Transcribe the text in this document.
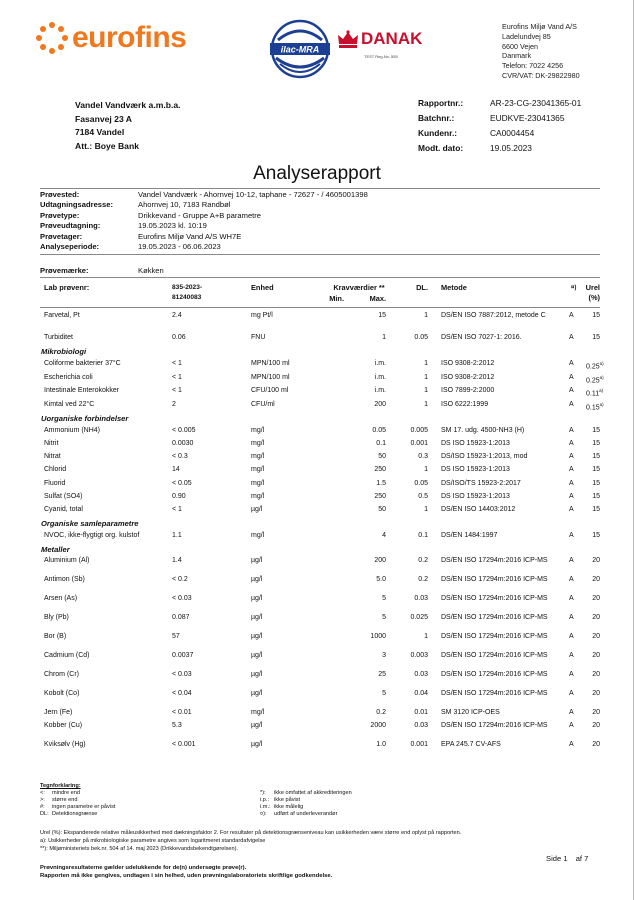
eurofins	ilac-MRA
DANAK
TEST Reg.No. 555
Eurofins Miljø Vand A/S
Ladelundvej 85
6600 Vejen
Danmark
Telefon: 7022 4256
CVR/VAT: DK-29822980
Vandel Vandværk a.m.b.a.
Fasanvej 23 A
7184 Vandel
Att.: Boye Bank
Rapportnr.:	AR-23-CG-23041365-01
Batchnr.:	EUDKVE-23041365
Kundenr.:	CA0004454
Modt. dato:	19.05.2023
Analyserapport
Prøvested:	Vandel Vandværk - Ahornvej 10-12, taphane - 72627 - / 4605001398
Udtagningsadresse:	Ahornvej 10, 7183 Randbøl
Prøvetype:	Drikkevand - Gruppe A+B parametre
Prøveudtagning:	19.05.2023 kl. 10:19
Prøvetager:	Eurofins Miljø Vand A/S WH7E
Analyseperiode:	19.05.2023 - 06.06.2023
Prøvemærke:	Køkken
Lab prøvenr:	835-2023-
81240083
Enhed	Kravværdier **
Min.	Max.
DL. Metode	¤)	Urel
(%)
Farvetal, Pt	2.4	mg Pt/l	15	1 DS/EN ISO 7887:2012, metode C	A	15
Turbiditet	0.06	FNU	1	0.05 DS/EN ISO 7027-1: 2016.	A	15
Mikrobiologi
Coliforme bakterier 37°C	< 1	MPN/100 ml	i.m.	1 ISO 9308-2:2012	A 0.25$^{a)}$
Escherichia coli	< 1	MPN/100 ml	i.m.	1 ISO 9308-2:2012	A 0.25$^{a)}$
Intestinale Enterokokker	< 1	CFU/100 ml	i.m.	1 ISO 7899-2:2000	A 0.11$^{a)}$
Kimtal ved 22°C	2	CFU/ml	200	1 ISO 6222:1999	A 0.15$^{a)}$
Uorganiske forbindelser
Ammonium (NH4)	< 0.005	mg/l	0.05	0.005 SM 17. udg. 4500-NH3 (H)	A	15
Nitrit	0.0030	mg/l	0.1	0.001 DS ISO 15923-1:2013	A	15
Nitrat	< 0.3	mg/l	50	0.3 DS/ISO 15923-1:2013, mod	A	15
Chlorid	14	mg/l	250	1 DS ISO 15923-1:2013	A	15
Fluorid	< 0.05	mg/l	1.5	0.05 DS/ISO/TS 15923-2:2017	A	15
Sulfat (SO4)	0.90	mg/l	250	0.5 DS ISO 15923-1:2013	A	15
Cyanid, total	< 1	µg/l	50	1 DS/EN ISO 14403:2012	A	15
Organiske samleparametre
NVOC, ikke-flygtigt org. kulstof	1.1	mg/l	4	0.1 DS/EN 1484:1997	A	15
Metaller
Aluminium (Al)	1.4	µg/l	200	0.2 DS/EN ISO 17294m:2016 ICP-MS	A	20
Antimon (Sb)	< 0.2	µg/l	5.0	0.2 DS/EN ISO 17294m:2016 ICP-MS	A	20
Arsen (As)	< 0.03	µg/l	5	0.03 DS/EN ISO 17294m:2016 ICP-MS	A	20
Bly (Pb)	0.087	µg/l	5	0.025 DS/EN ISO 17294m:2016 ICP-MS	A	20
Bor (B)	57	µg/l	1000	1 DS/EN ISO 17294m:2016 ICP-MS	A	20
Cadmium (Cd)	0.0037	µg/l	3	0.003 DS/EN ISO 17294m:2016 ICP-MS	A	20
Chrom (Cr)	< 0.03	µg/l	25	0.03 DS/EN ISO 17294m:2016 ICP-MS	A	20
Kobolt (Co)	< 0.04	µg/l	5	0.04 DS/EN ISO 17294m:2016 ICP-MS	A	20
Jern (Fe)	< 0.01	mg/l	0.2	0.01 SM 3120 ICP-OES	A	20
Kobber (Cu)	5.3	µg/l	2000	0.03 DS/EN ISO 17294m:2016 ICP-MS	A	20
Kviksølv (Hg)	< 0.001	µg/l	1.0	0.001 EPA 245.7 CV-AFS	A	20
Tegnforklaring:
<:	mindre end
>:	større end
#:	ingen parametre er påvist
DL: Detektionsgrænse
*):	ikke omfattet af akkrediteringen
i.p.: ikke påvist
i.m.: ikke målelig
¤):	udført af underleverandør
Urel (%): Ekspanderede relative måleusikkerhed med dækningsfaktor 2. For resultater på detektionsgrænseniveau kan usikkerheden være større end oplyst på rapporten.
a): Usikkerheder på mikrobiologiske parametre angives som logaritmeret standardafvigelse
**): Miljøministeriets bek.nr. 504 af 14. maj 2023 (Drikkevandsbekendtgørelsen).
Side 1 af 7
Prøvningsresultaterne gælder udelukkende for de(n) undersøgte prøve(r).
Rapporten må ikke gengives, undtagen i sin helhed, uden prøvningslaboratoriets skriftlige godkendelse.
